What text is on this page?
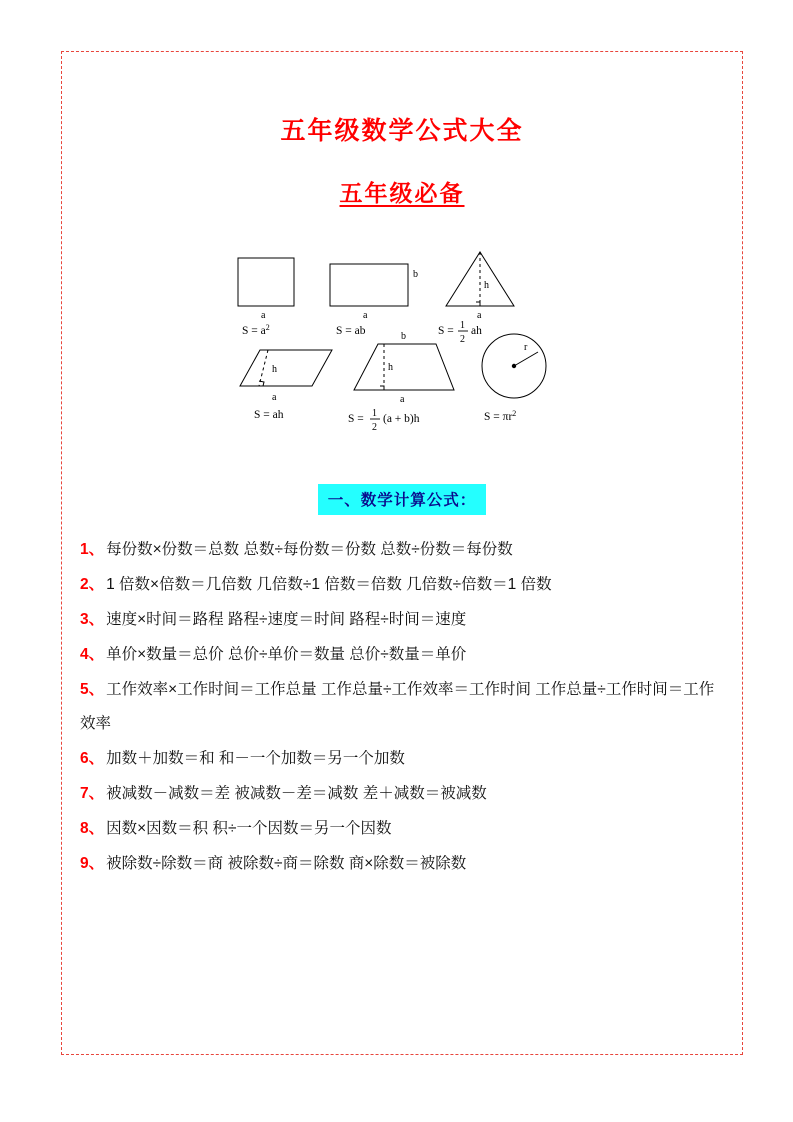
五年级数学公式大全
五年级必备
a	a
b
h
a
h
a
h
b
a
r
$S = a^2$	S = ab	S = 1
2
ah
S = ah	S = 1
2
(a + b)h	$S = \pi r^2$
一、数学计算公式：
1、 每份数×份数＝总数 总数÷每份数＝份数 总数÷份数＝每份数
2、 1 倍数×倍数＝几倍数 几倍数÷1 倍数＝倍数 几倍数÷倍数＝1 倍数
3、 速度×时间＝路程 路程÷速度＝时间 路程÷时间＝速度
4、 单价×数量＝总价 总价÷单价＝数量 总价÷数量＝单价
5、 工作效率×工作时间＝工作总量 工作总量÷工作效率＝工作时间 工作总量÷工作时间＝工作效率
6、 加数＋加数＝和 和－一个加数＝另一个加数
7、 被减数－减数＝差 被减数－差＝减数 差＋减数＝被减数
8、 因数×因数＝积 积÷一个因数＝另一个因数
9、 被除数÷除数＝商 被除数÷商＝除数 商×除数＝被除数
